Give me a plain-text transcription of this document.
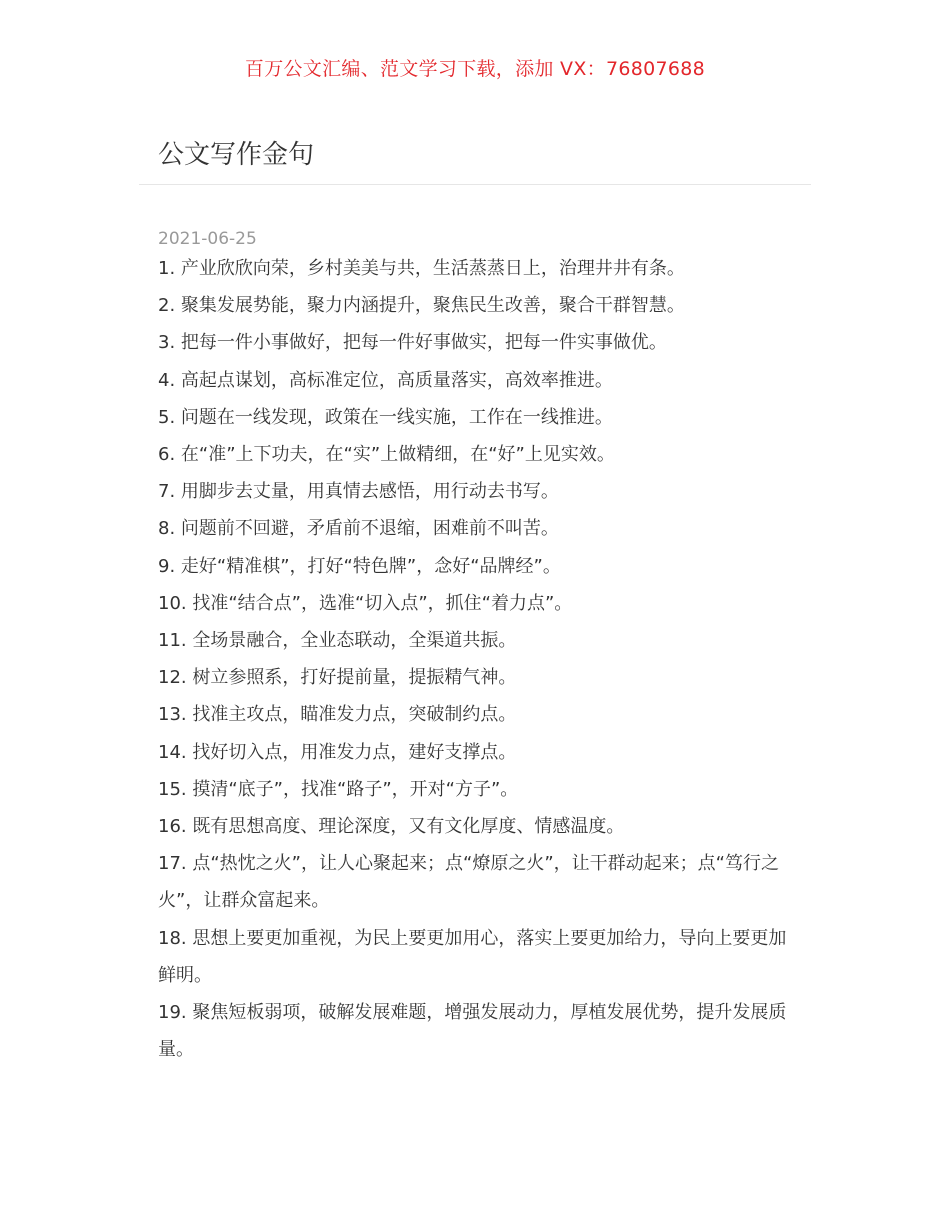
百万公文汇编、范文学习下载，添加 VX：76807688
公文写作金句
2021-06-25
1. 产业欣欣向荣，乡村美美与共，生活蒸蒸日上，治理井井有条。
2. 聚集发展势能，聚力内涵提升，聚焦民生改善，聚合干群智慧。
3. 把每一件小事做好，把每一件好事做实，把每一件实事做优。
4. 高起点谋划，高标准定位，高质量落实，高效率推进。
5. 问题在一线发现，政策在一线实施，工作在一线推进。
6. 在“准”上下功夫，在“实”上做精细，在“好”上见实效。
7. 用脚步去丈量，用真情去感悟，用行动去书写。
8. 问题前不回避，矛盾前不退缩，困难前不叫苦。
9. 走好“精准棋”，打好“特色牌”，念好“品牌经”。
10. 找准“结合点”，选准“切入点”，抓住“着力点”。
11. 全场景融合，全业态联动，全渠道共振。
12. 树立参照系，打好提前量，提振精气神。
13. 找准主攻点，瞄准发力点，突破制约点。
14. 找好切入点，用准发力点，建好支撑点。
15. 摸清“底子”，找准“路子”，开对“方子”。
16. 既有思想高度、理论深度，又有文化厚度、情感温度。
17. 点“热忱之火”，让人心聚起来；点“燎原之火”，让干群动起来；点“笃行之火”，让群众富起来。
18. 思想上要更加重视，为民上要更加用心，落实上要更加给力，导向上要更加鲜明。
19. 聚焦短板弱项，破解发展难题，增强发展动力，厚植发展优势，提升发展质量。
